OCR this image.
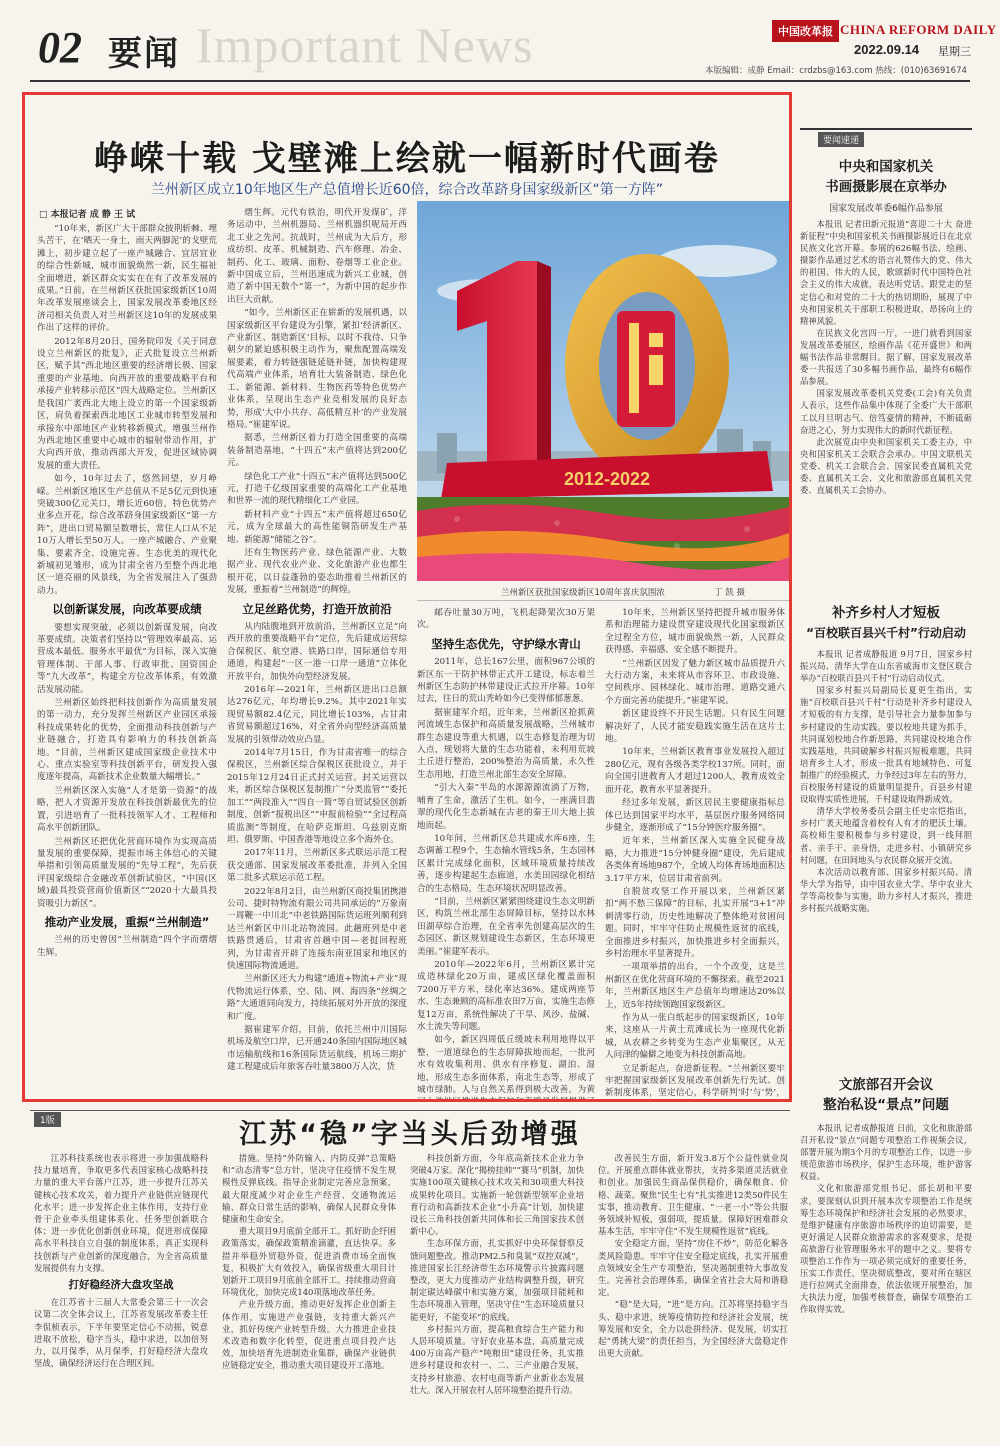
02 要闻 Important News	中国改革报 CHINA REFORM DAILY
2022.09.14 星期三
本版编辑：成静 Email：crdzbs@163.com 热线：(010)63691674
峥嵘十载 戈壁滩上绘就一幅新时代画卷
兰州新区成立10年地区生产总值增长近60倍，综合改革跻身国家级新区“第一方阵”
□ 本报记者 成 静 王 试

“10年来，新区广大干部群众披荆斩棘、埋头苦干，在‘晒天一身土，雨天两脚泥’的戈壁荒滩上，初步建立起了一座产城融合、宜居宜业的综合性新城，城市面貌焕然一新，民生福祉全面增进，新区群众实实在在有了改革发展的成果。”日前，在兰州新区获批国家级新区10周年改革发展座谈会上，国家发展改革委地区经济司相关负责人对兰州新区这10年的发展成果作出了这样的评价。

2012年8月20日，国务院印发《关于同意设立兰州新区的批复》，正式批复设立兰州新区，赋予其“西北地区重要的经济增长极、国家重要的产业基地、向西开放的重要战略平台和承接产业转移示范区”四大战略定位。兰州新区是我国广袤西北大地上设立的第一个国家级新区，肩负着探索西北地区工业城市转型发展和承接东中部地区产业转移新模式，增强兰州作为西北地区重要中心城市的辐射带动作用，扩大向西开放，推动西部大开发，促进区域协调发展的重大责任。

如今，10年过去了，悠然回望，岁月峥嵘。兰州新区地区生产总值从不足5亿元到快速突破300亿元关口，增长近60倍，特色优势产业多点开花，综合改革跻身国家级新区“第一方阵”，进出口贸易额呈数增长，常住人口从不足10万人增长至50万人。一座产城融合、产业聚集、要素齐全、设施完善、生态优美的现代化新城初见雏形，成为甘肃全省乃至整个西北地区一道亮丽的风景线，为全省发展注入了强劲动力。

以创新谋发展，向改革要成绩

要想实现突破，必须以创新谋发展，向改革要成绩。决策者们坚持以“管理效率最高、运营成本最低、服务水平最优”为目标，深入实施管理体制、干部人事、行政审批、国资国企等“九大改革”，构建全方位改革体系，有效激活发展动能。

兰州新区始终把科技创新作为高质量发展的第一动力，充分发挥兰州新区产业园区承接科技成果转化的优势，全面推动科技创新与产业链融合，打造具有影响力的科技创新高地。“目前，兰州新区建成国家级企业技术中心、重点实验室等科技创新平台，研发投入强度逐年提高，高新技术企业数量大幅增长。”

兰州新区深入实施“人才是第一资源”的战略，把人才资源开发放在科技创新最优先的位置，引进培育了一批科技领军人才、工程师和高水平创新团队。

兰州新区还把优化营商环境作为实现高质量发展的重要保障，提振市场主体信心的关键举措和引领高质量发展的“先导工程”，先后获评国家级综合金融改革创新试验区，“中国(区域)最具投资营商价值新区”“2020十大最具投资吸引力新区”。

推动产业发展，重振“兰州制造”

兰州的历史曾因“兰州制造”四个字而熠熠生辉。

熠生辉。元代有铁治，明代开发煤矿，洋务运动中，兰州机器局、兰州机器织呢局开西北工业之先河。抗战时，兰州成为大后方，形成纺织、皮革、机械制造、汽车修理、冶金、制药、化工、玻璃、面粉、卷烟等工业企业。新中国成立后，兰州迅速成为新兴工业城，创造了新中国无数个“第一”，为新中国的起步作出巨大贡献。

“如今，兰州新区正在崭新的发展机遇，以国家级新区平台建设为引擎，紧扣‘经济新区、产业新区、制造新区’目标，以时不我待、只争朝夕的紧迫感积极主动作为，聚焦配置高端发展要素，着力转链强链延链补链，加快构建现代高端产业体系，培育壮大装备制造、绿色化工、新能源、新材料、生物医药等特色优势产业体系，呈现出生态产业竞相发展的良好态势，形成‘大中小共存、高低精互补’的产业发展格局。”崔建军说。

据悉，兰州新区着力打造全国重要的高端装备制造基地，“十四五”末产值将达到200亿元。

绿色化工产业“十四五”末产值将达到500亿元，打造千亿级国家重要的高端化工产业基地和世界一流的现代精细化工产业园。

新材料产业“十四五”末产值将超过650亿元，成为全球最大的高性能铜箔研发生产基地、新能源“储能之谷”。

还有生物医药产业、绿色能源产业、大数据产业、现代农业产业、文化旅游产业也都生根开花，以日益蓬勃的姿态助推着兰州新区的发展，重振着“兰州制造”的辉煌。

立足丝路优势，打造开放前沿

从内陆腹地到开放前沿，兰州新区立足“向西开放的重要战略平台”定位，先后建成运营综合保税区、航空港、铁路口岸，国际通信专用通道，构建起“一区一港一口岸一通道”立体化开放平台，加快外向型经济发展。

2016年—2021年，兰州新区进出口总额达276亿元，年均增长9.2%。其中2021年实现贸易额82.4亿元，同比增长103%，占甘肃省贸易额超过16%，对全省外向型经济高质量发展的引领带动效应凸显。

2014年7月15日，作为甘肃省唯一的综合保税区，兰州新区综合保税区获批设立，并于2015年12月24日正式封关运营。封关运营以来，新区综合保税区复制推广“分类监管”“委托加工”“两段准入”“四自一简”等自贸试验区创新制度，创新“报税出区”“申报前检验”“全过程高质监测”等制度，在哈萨克斯坦、乌兹别克斯坦、俄罗斯、中国香港等地设立多个海外仓。

2017年11月，兰州新区多式联运示范工程获交通部、国家发展改革委批准，并列入全国第二批多式联运示范工程。

2022年8月2日，由兰州新区商投集团携港公司、捷时特物流有限公司共同承运的“万象南一周鞭一中川北”中老铁路国际货运班列顺利到达兰州新区中川北站物流园。此趟班列是中老铁路贯通后，甘肃省首趟中国—老挝回程班列，为甘肃省开辟了连接东南亚国家和地区的快速国际物流通道。

兰州新区还大力构建“通道+物流+产业”现代物流运行体系，空、陆、网、海四条“丝绸之路”大通道同向发力，持续拓展对外开放的深度和广度。

据崔建军介绍，目前，依托兰州中川国际机场及航空口岸，已开通240条国内国际地区城市运输航线和16条国际货运航线，机场三期扩建工程建成后年旅客吞吐量3800万人次，货

2012-2022
兰州新区获批国家级新区10周年喜庆氛围浓	丁 凯 摄

邮吞吐量30万吨，飞机起降架次30万架次。

坚持生态优先，守护绿水青山

2011年，总长167公里，面积967公顷的新区东一干防护林带正式开工建设，标志着兰州新区生态防护林带建设正式拉开序幕。10年过去，往日的荒山秃岭如今已变得郁郁葱葱。

据崔建军介绍，近年来，兰州新区抢抓黄河流域生态保护和高质量发展战略，兰州城市群生态建设等重大机遇，以生态修复治理为切入点，规划将大量的生态功能着，未利用荒坡土丘进行整治，200%整治为高质量，永久性生态用地，打造兰州北部生态安全屏障。

“引大入秦”半岛的水源源源流淌了万物，哺育了生命，激活了生机。如今，一座满目翡翠的现代化生态新城在古老的秦王川大地上拔地而起。

10年间，兰州新区总共建成水库6座，生态调蓄工程9个，生态输水管线5条，生态园林区累计完成绿化面积，区域环境质量持续改善，逐步构建起生态廊道，水美田园绿化相结合的生态格局，生态环境状况明显改善。

“目前，兰州新区紧紧围绕建设生态文明新区，构筑兰州北部生态屏障目标，坚持以水林田湖草综合治理，在全省率先创建高层次的生态园区、新区规划建设生态新区，生态环境更美丽。”崔建军表示。

2010年—2022年6月，兰州新区累计完成造林绿化20万亩，建成区绿化覆盖面积7200万平方米，绿化率达36%。建成两座节水、生态兼顾的高标准农田7万亩，实施生态修复12万亩，系统性解决了干旱、风沙、盐碱、水土流失等问题。

如今，新区四周低丘缓坡未利用地得以平整，一道道绿色的生态屏障拔地而起，一批河水有效收集利用、供水有序修复、湖泊、湿地，形成生态多面体系，南北生态等，形成了城市绿肺。人与自然关系得到极大改善，为黄

10年来，兰州新区坚持把提升城市服务体系和治理能力建设贯穿建设现代化国家级新区全过程全方位，城市面貌焕然一新，人民群众获得感、幸福感、安全感不断提升。

“兰州新区因发了魅力新区城市品质提升六大行动方案，未来将从市容环卫、市政设施、空间秩序、园林绿化、城市治理、道路交通六个方面完善功能提升。”崔建军说。

新区建设终不开民生话题。只有民生问题解决好了，人民才能安稳践实施生活在这片土地。

10年来，兰州新区教育事业发展投入超过280亿元，现有各级各类学校137所。同时，面向全国引进教育人才超过1200人，教育成效全面开花，教育水平显著提升。

经过多年发展，新区居民主要健康指标总体已达到国家平均水平，基层医疗服务网络同步健全，逐渐形成了“15分钟医疗服务圈”。

近年来，兰州新区深入实施全民健身战略，大力推进“15分钟健身圈”建设，先后建成各类体育场地987个，全域人均体育场地面积达3.17平方米，位居甘肃省前列。

自脱贫攻坚工作开展以来，兰州新区紧扣“两不愁三保障”的目标，扎实开展“3+1”冲刺清零行动，历史性地解决了整体绝对贫困问题。同时，牢牢守住防止规模性返贫的底线，全面推进乡村振兴，加快推进乡村全面振兴，乡村治理水平显著提升。

一项项举措的出台，一个个改变，这是兰州新区在优化营商环境的不懈探索。截至2021年，兰州新区地区生产总值年均增速达20%以上，近5年持续领跑国家级新区。

作为从一张白纸起步的国家级新区，10年来，这座从一片黄土荒滩成长为一座现代化新城，从农耕之乡转变为生态产业集聚区，从无人问津的偏僻之地变为科技创新高地。

立足新起点，奋进新征程。“兰州新区要牢牢把握国家级新区发展改革创新先行先试、创新制度体系，坚定信心，科学研判‘时’与‘势’，

要闻速递
中央和国家机关
书画摄影展在京举办
国家发展改革委6幅作品参展

本报讯 记者田新元报道“喜迎二十大 奋进新征程”中央和国家机关书画摄影展近日在北京民族文化宫开幕。参展的626幅书法、绘画、摄影作品通过艺术的语言礼赞伟大的党、伟大的祖国、伟大的人民，歌颂新时代中国特色社会主义的伟大成就，表达听党话、跟党走的坚定信心和对党的二十大的热切期盼，展现了中央和国家机关干部职工积极进取、昂扬向上的精神风貌。

在民族文化宫四一厅，一进门就看到国家发展改革委展区，绘画作品《花开盛世》和两幅书法作品非常醒目。据了解，国家发展改革委一共报送了30多幅书画作品，最终有6幅作品参展。

国家发展改革委机关党委(工会)有关负责人表示，这些作品集中体现了全委广大干部职工以月旦明志气、倍笃豪情的精神，不断砥砺奋进之心，努力实现伟大的新时代新征程。

此次展览由中央和国家机关工委主办，中央和国家机关工会联合会承办。中国文联机关党委、机关工会联合会、国家民委直属机关党委、直属机关工会、文化和旅游部直属机关党委、直属机关工会协办。

补齐乡村人才短板
“百校联百县兴千村”行动启动

本报讯 记者成静报道 9月7日，国家乡村振兴局、清华大学在山东省威海市文登区联合举办“百校联百县兴千村”行动启动仪式。

国家乡村振兴局副局长夏更生指出，实施“百校联百县兴千村”行动是补齐乡村建设人才短板的有力支撑，是引导社会力量参加参与乡村建设的生动实践。要以校地共建为抓手，共同谋划校地合作新思路，共同建设校地合作实践基地，共同破解乡村振兴短板难题，共同培育乡土人才，形成一批具有地域特色、可复制推广的经验模式，力争经过3年左右的努力，百校服务村建设的质量明显提升，百县乡村建设取得实质性进展，千村建设取得新成效。

清华大学校务委员会副主任史宗恺指出，乡村广袤天地蕴含着校有人有才的肥沃土壤。高校师生要积极参与乡村建设，到一线拜胆者、亲手干、亲身悟，走进乡村、小镇研究乡村问题，在田间地头与农民群众展开交流。

本次活动以教育部、国家乡村振兴局、清华大学为指导，由中国农业大学、华中农业大学等高校参与实施，助力乡村人才振兴，推进乡村振兴战略实施。

文旅部召开会议
整治私设“景点”问题

本报讯 记者成静报道 日前，文化和旅游部召开私设“景点”问题专项整治工作视频会议，部署开展为期3个月的专项整治工作，以进一步规范旅游市场秩序，保护生态环境，维护游客权益。

文化和旅游部党组书记、部长胡和平要求，要深刻认识到开展本次专项整治工作是统筹生态环境保护和经济社会发展的必然要求，是维护健康有序旅游市场秩序的迫切需要，是更好满足人民群众旅游需求的客观要求，是提高旅游行业管理服务水平的题中之义。要将专项整治工作作为一项必须完成好的重要任务，压实工作责任，坚决彻底整改，要对所在辖区进行拉网式全面排查，依法依规开展整治，加大执法力度，加强考核督查，确保专项整治工作取得实效。

1版	江苏“稳”字当头后劲增强

江苏科技系统也表示将进一步加强战略科技力量培育，争取更多代表国家核心战略科技力量的重大平台落户江苏，进一步提升江苏关键核心技术攻关，着力提升产业链供应链现代化水平；进一步发挥企业主体作用，支持行业骨干企业牵头组建体系化、任务型创新联合体；进一步优化创新创业环境，促进形成保障高水平科技自立自强的制度体系，真正实现科技创新与产业创新的深度融合，为全省高质量发展提供有力支撑。

打好稳经济大盘攻坚战

在江苏省十三届人大常委会第三十一次会议第二次全体会议上，江苏省发展改革委主任李侃桢表示，下半年要坚定信心不动摇，锐意进取不放松，稳字当头，稳中求进，以加倍努力，以月保季，从月保季，打好稳经济大盘攻坚战，确保经济运行在合理区间。

措施。坚持“外防输入、内防反弹”总策略和“动态清零”总方针，坚决守住疫情不发生规模性反弹底线。指导企业制定完善应急预案，最大限度减少对企业生产经营、交通物流运输、群众日常生活的影响，确保人民群众身体健康和生命安全。

重大项目9月底前全部开工。抓好助企纾困政策落实，确保政策精准滴灌，直达快享。多措并举稳外贸稳外资，促进消费市场全面恢复，积极扩大有效投入，确保省级重大项目计划新开工项目9月底前全部开工。持续推动营商环境优化，加快完成140项落地改革任务。

产业升级方面，推动更好发挥企业创新主体作用，实施进产业强链，支持重大新兴产业，抓好传统产业转型升级。大力推进企业技术改造和数字化转型，促进重点项目投产达效，加快培育先进制造业集群，确保产业链供应链稳定安全，推动重大项目建设开工落地。

科技创新方面，今年底高新技术企业力争突破4万家。深化“揭榜挂帅”“赛马”机制，加快实施100项关键核心技术攻关和30项重大科技成果转化项目。实施新一轮创新型领军企业培育行动和高新技术企业“小升高”计划，加快建设长三角科技创新共同体和长三角国家技术创新中心。

生态环保方面，扎实抓好中央环保督察反馈问题整改。推动PM2.5和臭氧“双控双减”，推进国家长江经济带生态环境警示片披露问题整改，更大力度推动产业结构调整升级，研究制定碳达峰碳中和实施方案，加强项目能耗和生态环境准入管理，坚决守住“生态环境质量只能更好，不能变坏”的底线。

乡村振兴方面，提高粮食综合生产能力和人居环境质量。守好农业基本盘，高质量完成400万亩高产稳产“吨粮田”建设任务，扎实推进乡村建设和农村一、二、三产业融合发展，支持乡村旅游、农村电商等新产业新业态发展壮大。深入开展农村人居环境整治提升行动。

改善民生方面，新开发3.8万个公益性就业岗位。开展重点群体就业帮扶，支持多渠道灵活就业和创业。加强民生商品保供稳价，确保粮食、价格、蔬菜。聚焦“民生七有”扎实推进12类50件民生实事，推动教育、卫生健康、“一老一小”等公共服务领域补短板，强弱项，提质量。保障好困难群众基本生活，牢牢守住“不发生规模性返贫”底线。

安全稳定方面，坚持“房住不炒”，防范化解各类风险隐患。牢牢守住安全稳定底线，扎实开展重点领域安全生产专项整治，坚决遏制重特大事故发生。完善社会治理体系，确保全省社会大局和谐稳定。

“稳”是大局，“进”是方向。江苏将坚持稳字当头、稳中求进，统筹疫情防控和经济社会发展，统筹发展和安全，全力以赴拼经济、促发展，切实扛起“勇挑大梁”的责任担当，为全国经济大盘稳定作出更大贡献。
